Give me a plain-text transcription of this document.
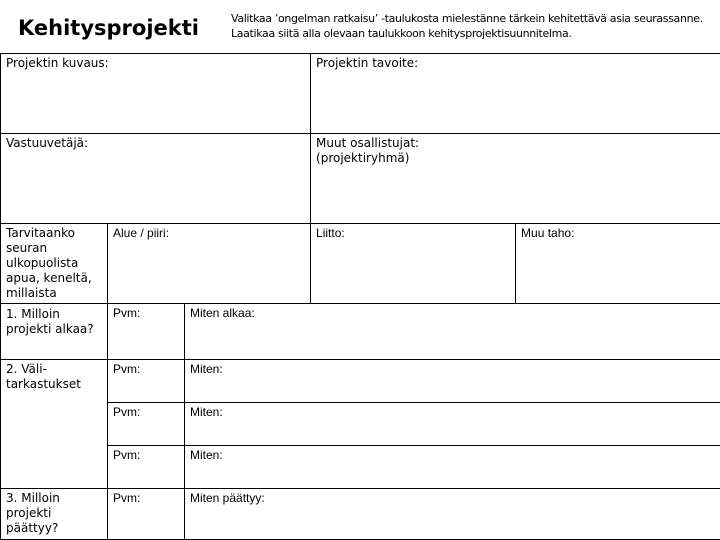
Kehitysprojekti	Valitkaa ’ongelman ratkaisu’ -taulukosta mielestänne tärkein kehitettävä asia seurassanne.
Laatikaa siitä alla olevaan taulukkoon kehitysprojektisuunnitelma.
Projektin kuvaus:			Projektin tavoite:	

Vastuuvetäjä:			Muut osallistujat:
(projektiryhmä)	

Tarvitaanko seuran ulkopuolista apua, keneltä, millaista	Alue / piiri:		Liitto:	Muu taho:

1. Milloin projekti alkaa?	Pvm:	Miten alkaa:		

2. Väli-tarkastukset	Pvm:	Miten:		

	Pvm:	Miten:		

	Pvm:	Miten:		

3. Milloin projekti päättyy?	Pvm:	Miten päättyy:		
